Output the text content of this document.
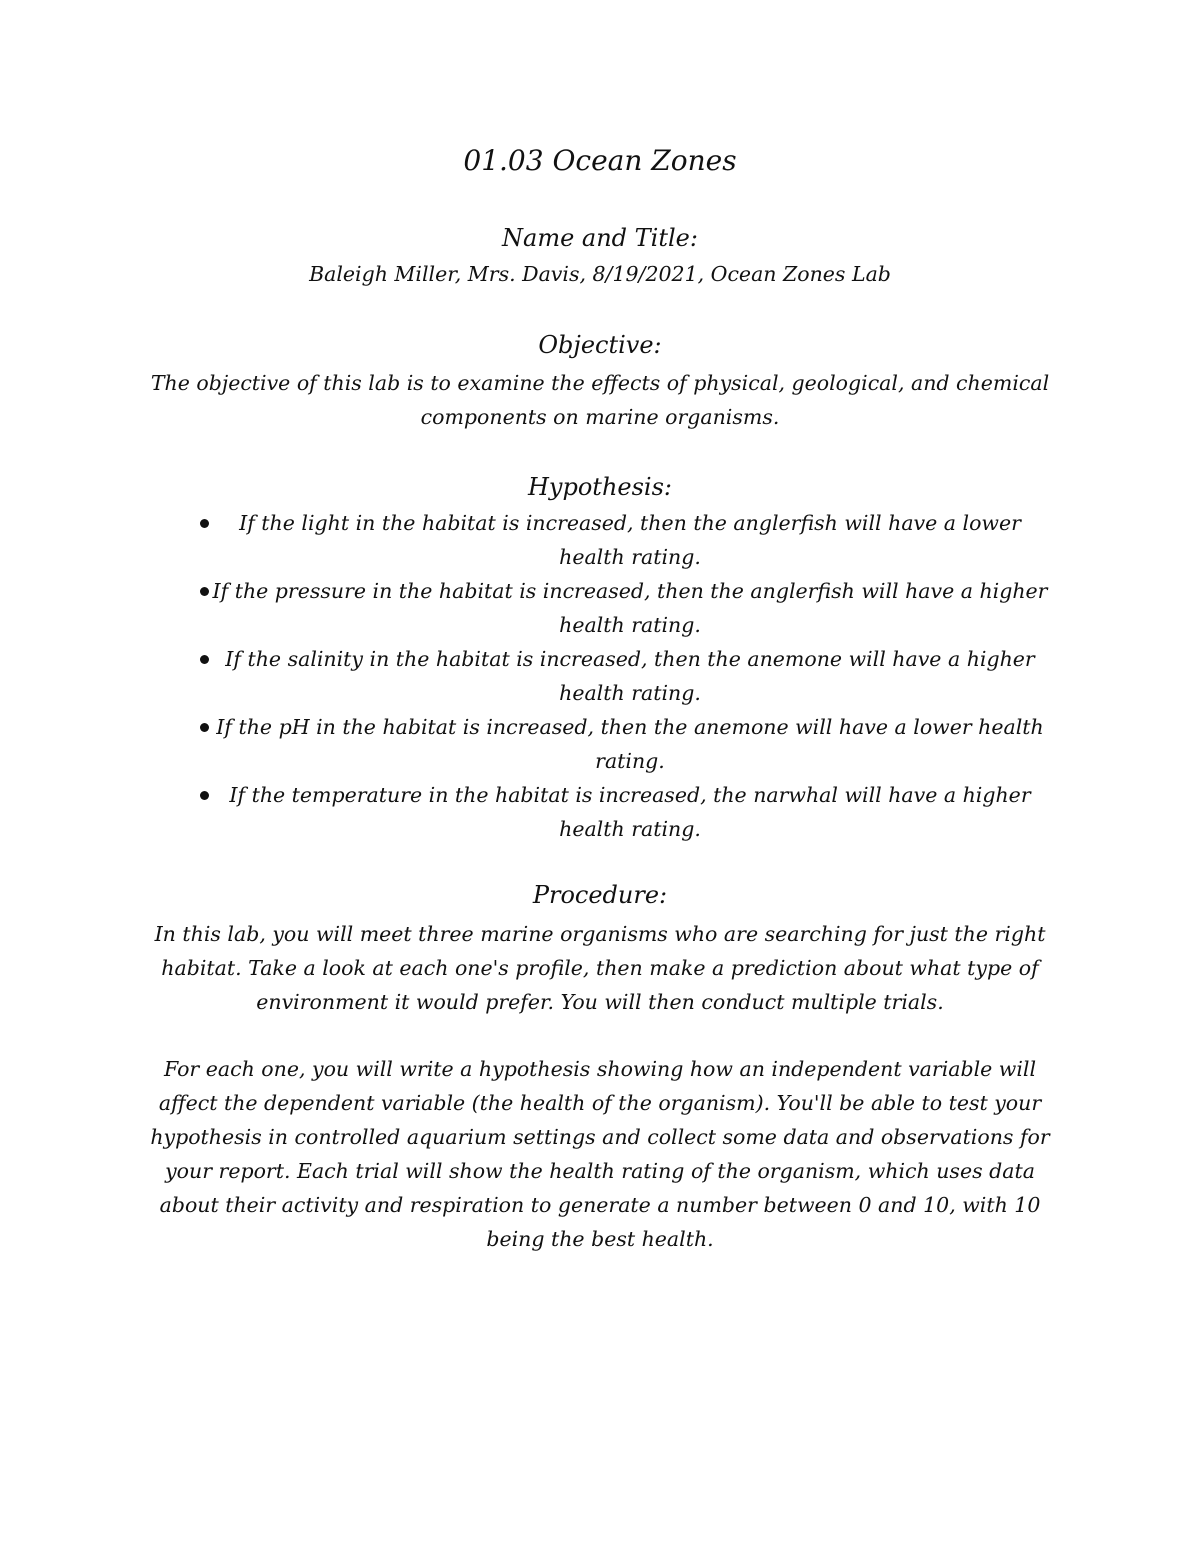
01.03 Ocean Zones
Name and Title:
Baleigh Miller, Mrs. Davis, 8/19/2021, Ocean Zones Lab
Objective:

The objective of this lab is to examine the effects of physical, geological, and chemical components on marine organisms.

Hypothesis:
If the light in the habitat is increased, then the anglerfish will have a lower health rating.
If the pressure in the habitat is increased, then the anglerfish will have a higher health rating.
If the salinity in the habitat is increased, then the anemone will have a higher health rating.
If the pH in the habitat is increased, then the anemone will have a lower health rating.
If the temperature in the habitat is increased, the narwhal will have a higher health rating.
Procedure:

In this lab, you will meet three marine organisms who are searching for just the right habitat. Take a look at each one's profile, then make a prediction about what type of environment it would prefer. You will then conduct multiple trials.

For each one, you will write a hypothesis showing how an independent variable will affect the dependent variable (the health of the organism). You'll be able to test your hypothesis in controlled aquarium settings and collect some data and observations for your report. Each trial will show the health rating of the organism, which uses data about their activity and respiration to generate a number between 0 and 10, with 10 being the best health.
